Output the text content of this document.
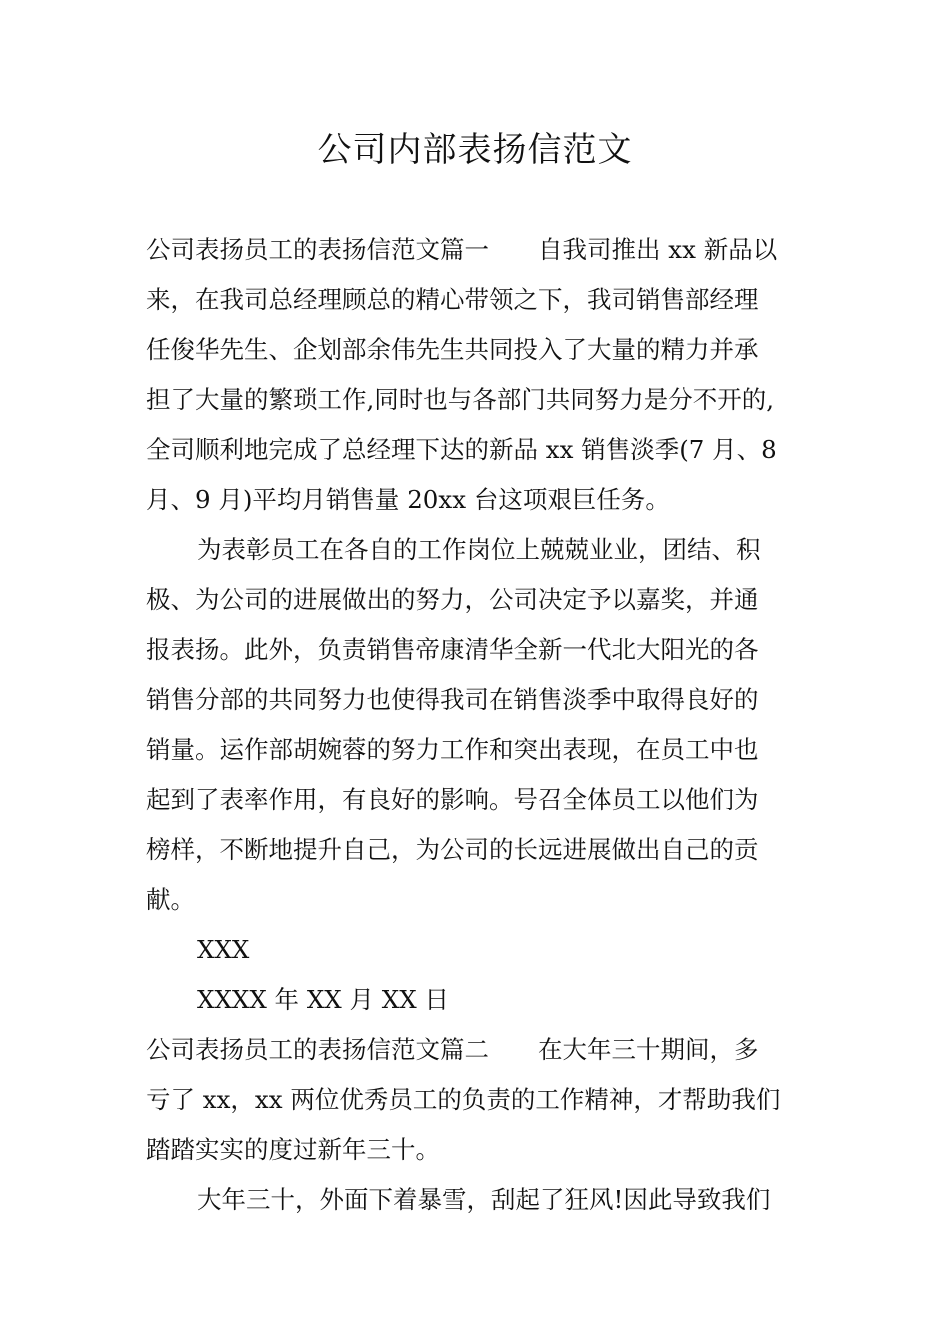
公司内部表扬信范文
公司表扬员工的表扬信范文篇一　　自我司推出 xx 新品以
来，在我司总经理顾总的精心带领之下，我司销售部经理
任俊华先生、企划部余伟先生共同投入了大量的精力并承
担了大量的繁琐工作,同时也与各部门共同努力是分不开的,
全司顺利地完成了总经理下达的新品 xx 销售淡季(7 月、8
月、9 月)平均月销售量 20xx 台这项艰巨任务。
为表彰员工在各自的工作岗位上兢兢业业，团结、积
极、为公司的进展做出的努力，公司决定予以嘉奖，并通
报表扬。此外，负责销售帝康清华全新一代北大阳光的各
销售分部的共同努力也使得我司在销售淡季中取得良好的
销量。运作部胡婉蓉的努力工作和突出表现，在员工中也
起到了表率作用，有良好的影响。号召全体员工以他们为
榜样，不断地提升自己，为公司的长远进展做出自己的贡
献。
XXX
XXXX 年 XX 月 XX 日
公司表扬员工的表扬信范文篇二　　在大年三十期间，多
亏了 xx，xx 两位优秀员工的负责的工作精神，才帮助我们
踏踏实实的度过新年三十。
大年三十，外面下着暴雪，刮起了狂风!因此导致我们
